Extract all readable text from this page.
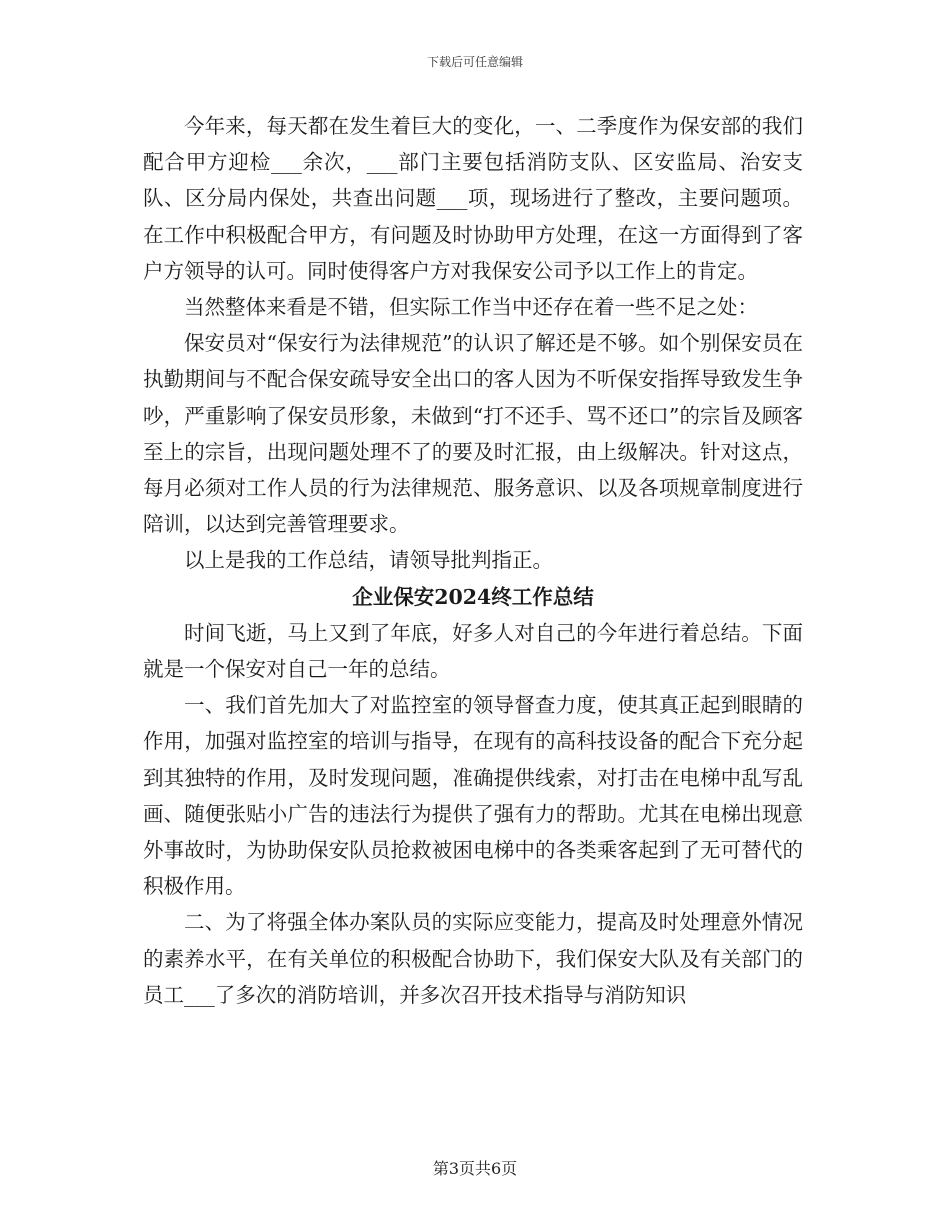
下载后可任意编辑

今年来，每天都在发生着巨大的变化，一、二季度作为保安部的我们配合甲方迎检___余次，___部门主要包括消防支队、区安监局、治安支队、区分局内保处，共查出问题___项，现场进行了整改，主要问题项。在工作中积极配合甲方，有问题及时协助甲方处理，在这一方面得到了客户方领导的认可。同时使得客户方对我保安公司予以工作上的肯定。

当然整体来看是不错，但实际工作当中还存在着一些不足之处：

保安员对“保安行为法律规范”的认识了解还是不够。如个别保安员在执勤期间与不配合保安疏导安全出口的客人因为不听保安指挥导致发生争吵，严重影响了保安员形象，未做到“打不还手、骂不还口”的宗旨及顾客至上的宗旨，出现问题处理不了的要及时汇报，由上级解决。针对这点，每月必须对工作人员的行为法律规范、服务意识、以及各项规章制度进行陪训，以达到完善管理要求。

以上是我的工作总结，请领导批判指正。

企业保安2024终工作总结

时间飞逝，马上又到了年底，好多人对自己的今年进行着总结。下面就是一个保安对自己一年的总结。

一、我们首先加大了对监控室的领导督查力度，使其真正起到眼睛的作用，加强对监控室的培训与指导，在现有的高科技设备的配合下充分起到其独特的作用，及时发现问题，准确提供线索，对打击在电梯中乱写乱画、随便张贴小广告的违法行为提供了强有力的帮助。尤其在电梯出现意外事故时，为协助保安队员抢救被困电梯中的各类乘客起到了无可替代的积极作用。

二、为了将强全体办案队员的实际应变能力，提高及时处理意外情况的素养水平，在有关单位的积极配合协助下，我们保安大队及有关部门的员工___了多次的消防培训，并多次召开技术指导与消防知识

第3页共6页
